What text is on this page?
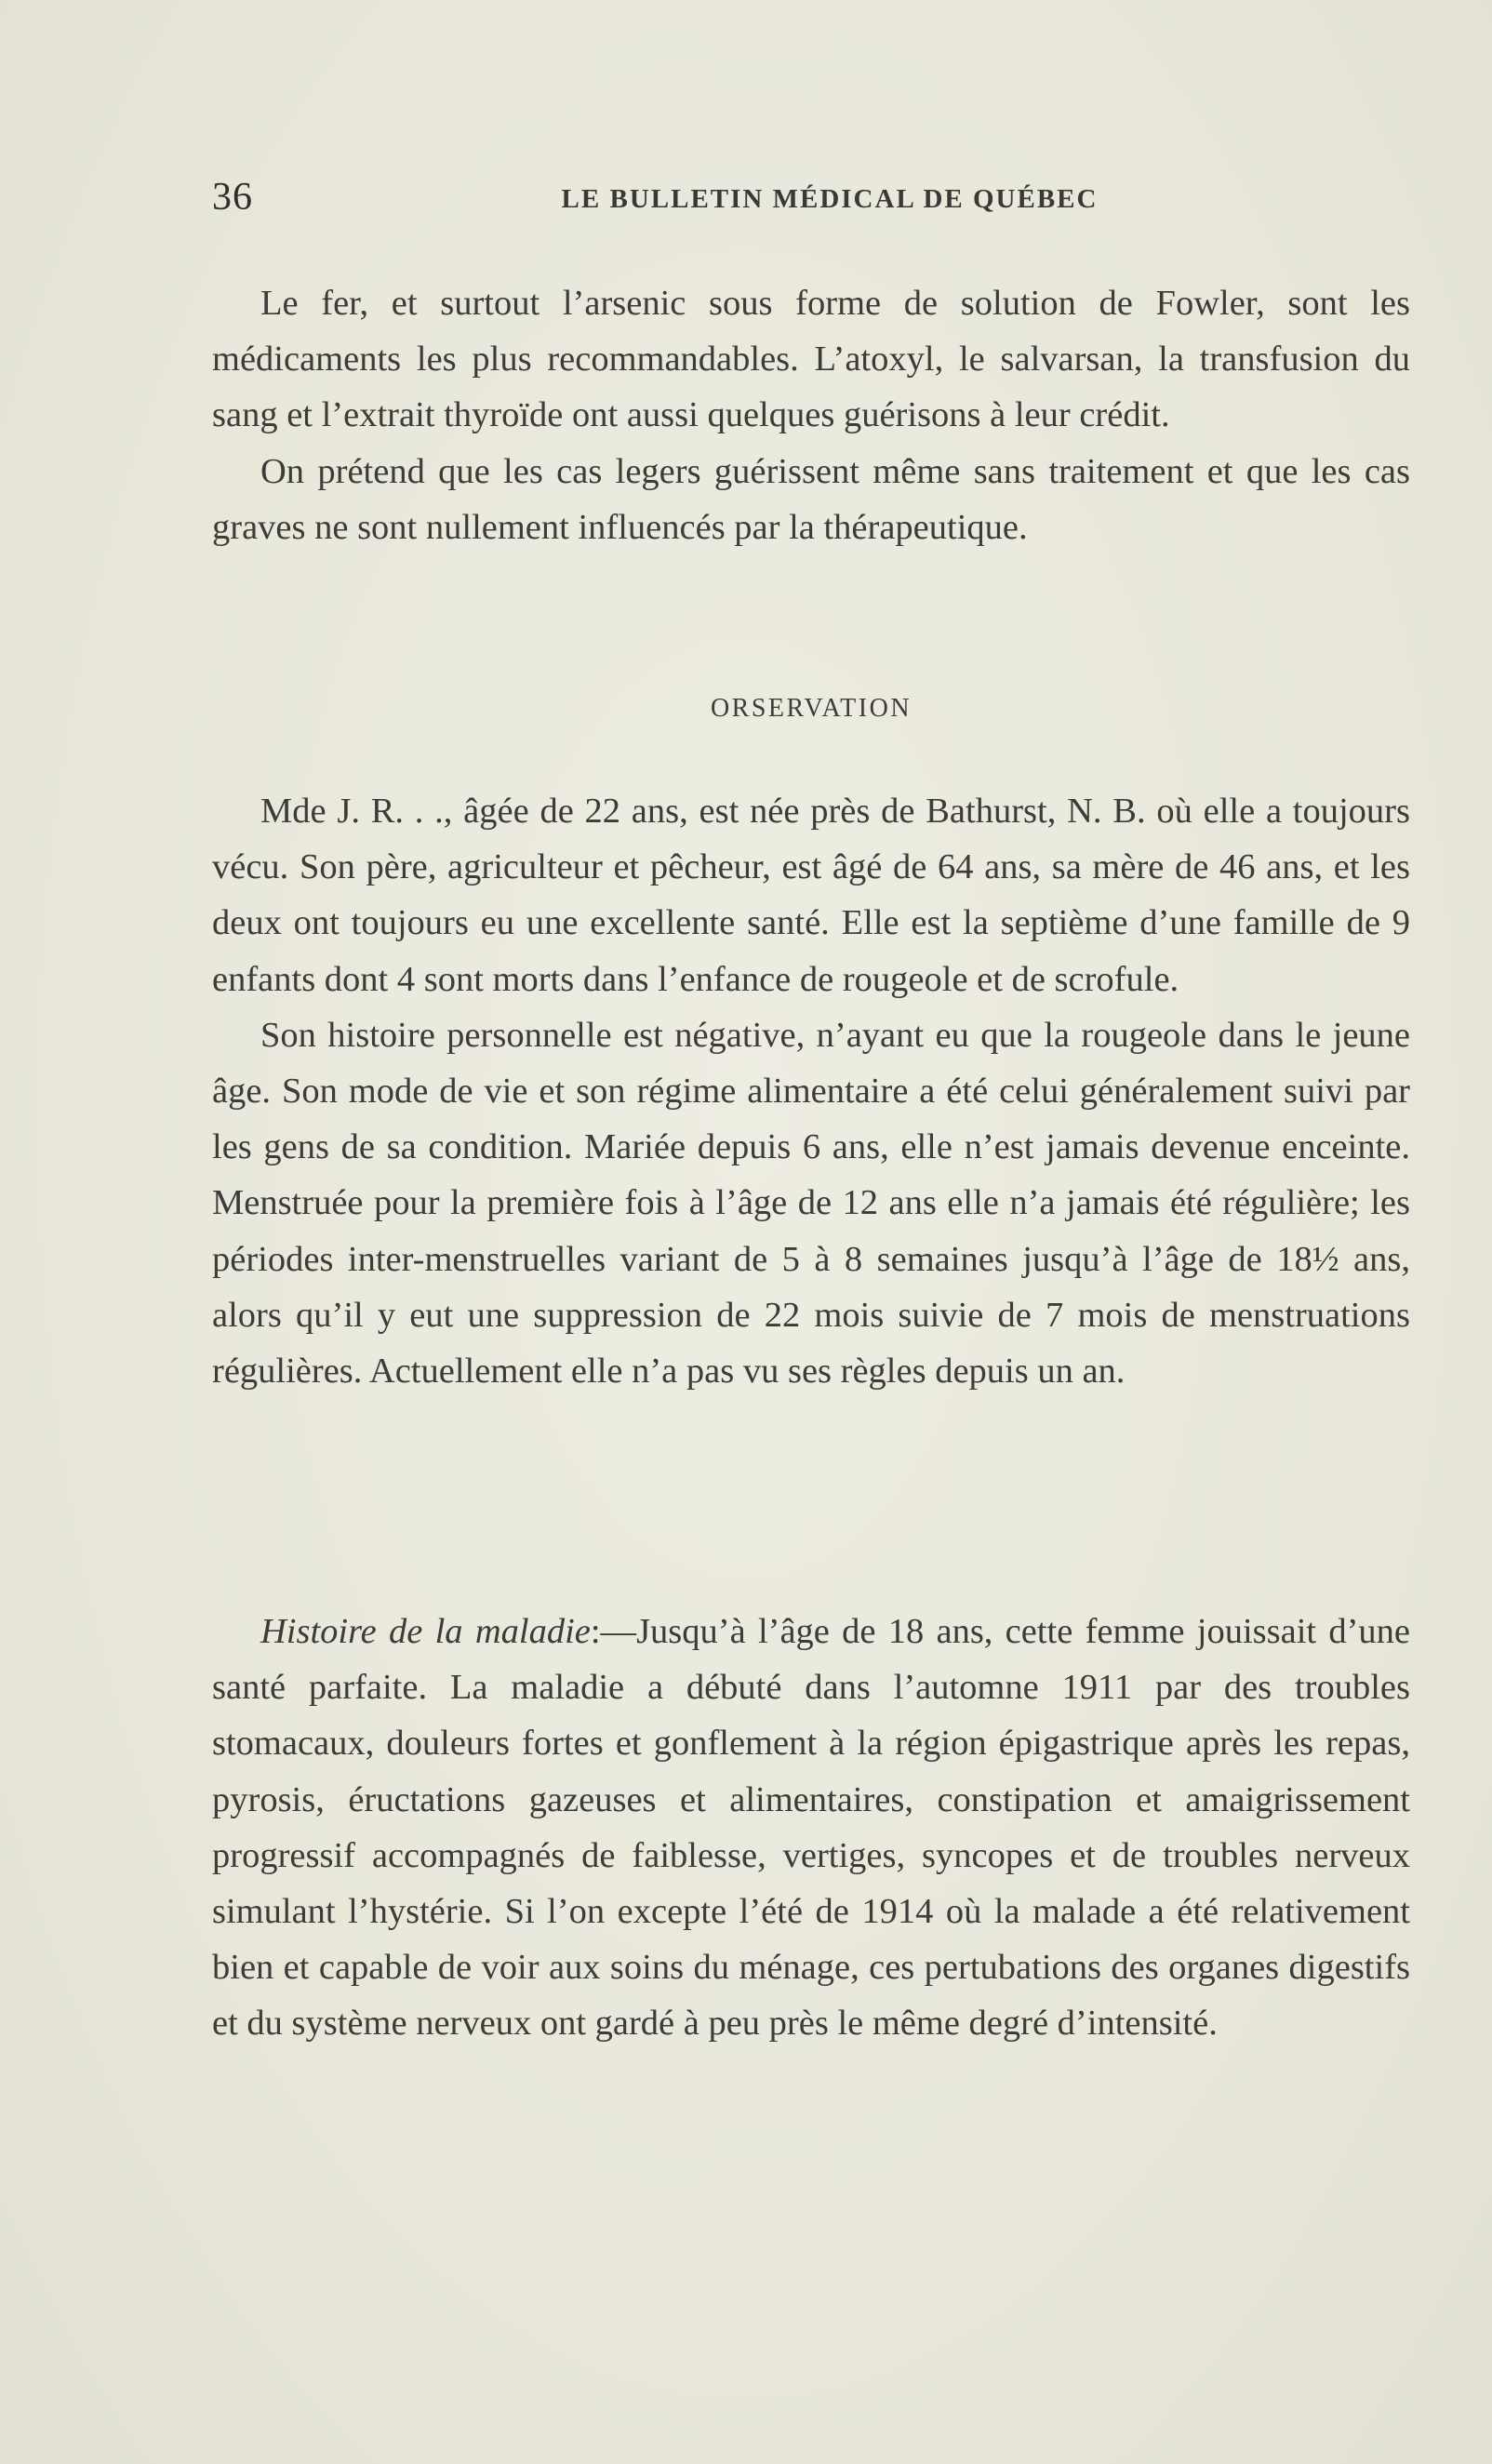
36	LE BULLETIN MÉDICAL DE QUÉBEC

Le fer, et surtout l’arsenic sous forme de solution de Fowler, sont les médicaments les plus recommandables. L’atoxyl, le salvarsan, la transfusion du sang et l’extrait thyroïde ont aussi quelques guérisons à leur crédit.

On prétend que les cas legers guérissent même sans traitement et que les cas graves ne sont nullement influencés par la thérapeutique.

ORSERVATION

Mde J. R. . ., âgée de 22 ans, est née près de Bathurst, N. B. où elle a toujours vécu. Son père, agriculteur et pêcheur, est âgé de 64 ans, sa mère de 46 ans, et les deux ont toujours eu une excellente santé. Elle est la septième d’une famille de 9 enfants dont 4 sont morts dans l’enfance de rougeole et de scrofule.

Son histoire personnelle est négative, n’ayant eu que la rougeole dans le jeune âge. Son mode de vie et son régime alimentaire a été celui généralement suivi par les gens de sa condition. Mariée depuis 6 ans, elle n’est jamais devenue enceinte. Menstruée pour la première fois à l’âge de 12 ans elle n’a jamais été régulière; les périodes inter-menstruelles variant de 5 à 8 semaines jusqu’à l’âge de 18½ ans, alors qu’il y eut une suppression de 22 mois suivie de 7 mois de menstruations régulières. Actuellement elle n’a pas vu ses règles depuis un an.

Histoire de la maladie:—Jusqu’à l’âge de 18 ans, cette femme jouissait d’une santé parfaite. La maladie a débuté dans l’automne 1911 par des troubles stomacaux, douleurs fortes et gonflement à la région épigastrique après les repas, pyrosis, éructations gazeuses et alimentaires, constipation et amaigrissement progressif accompagnés de faiblesse, vertiges, syncopes et de troubles nerveux simulant l’hystérie. Si l’on excepte l’été de 1914 où la malade a été relativement bien et capable de voir aux soins du ménage, ces pertubations des organes digestifs et du système nerveux ont gardé à peu près le même degré d’intensité.
